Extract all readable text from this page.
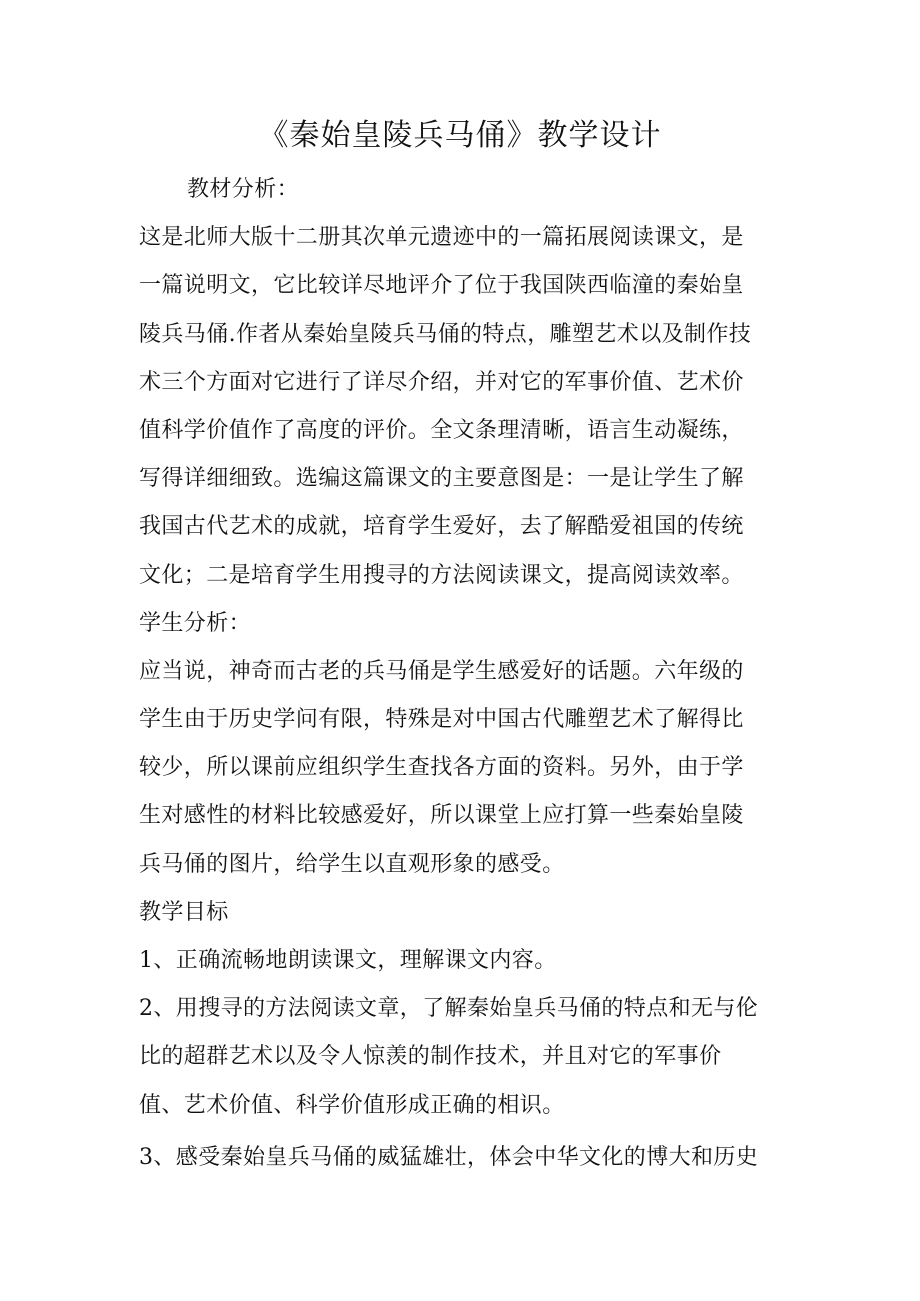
《秦始皇陵兵马俑》教学设计
教材分析：
这是北师大版十二册其次单元遗迹中的一篇拓展阅读课文，是
一篇说明文，它比较详尽地评介了位于我国陕西临潼的秦始皇
陵兵马俑.作者从秦始皇陵兵马俑的特点，雕塑艺术以及制作技
术三个方面对它进行了详尽介绍，并对它的军事价值、艺术价
值科学价值作了高度的评价。全文条理清晰，语言生动凝练，
写得详细细致。选编这篇课文的主要意图是：一是让学生了解
我国古代艺术的成就，培育学生爱好，去了解酷爱祖国的传统
文化；二是培育学生用搜寻的方法阅读课文，提高阅读效率。
学生分析：
应当说，神奇而古老的兵马俑是学生感爱好的话题。六年级的
学生由于历史学问有限，特殊是对中国古代雕塑艺术了解得比
较少，所以课前应组织学生查找各方面的资料。另外，由于学
生对感性的材料比较感爱好，所以课堂上应打算一些秦始皇陵
兵马俑的图片，给学生以直观形象的感受。
教学目标
1、正确流畅地朗读课文，理解课文内容。
2、用搜寻的方法阅读文章，了解秦始皇兵马俑的特点和无与伦
比的超群艺术以及令人惊羡的制作技术，并且对它的军事价
值、艺术价值、科学价值形成正确的相识。
3、感受秦始皇兵马俑的威猛雄壮，体会中华文化的博大和历史
